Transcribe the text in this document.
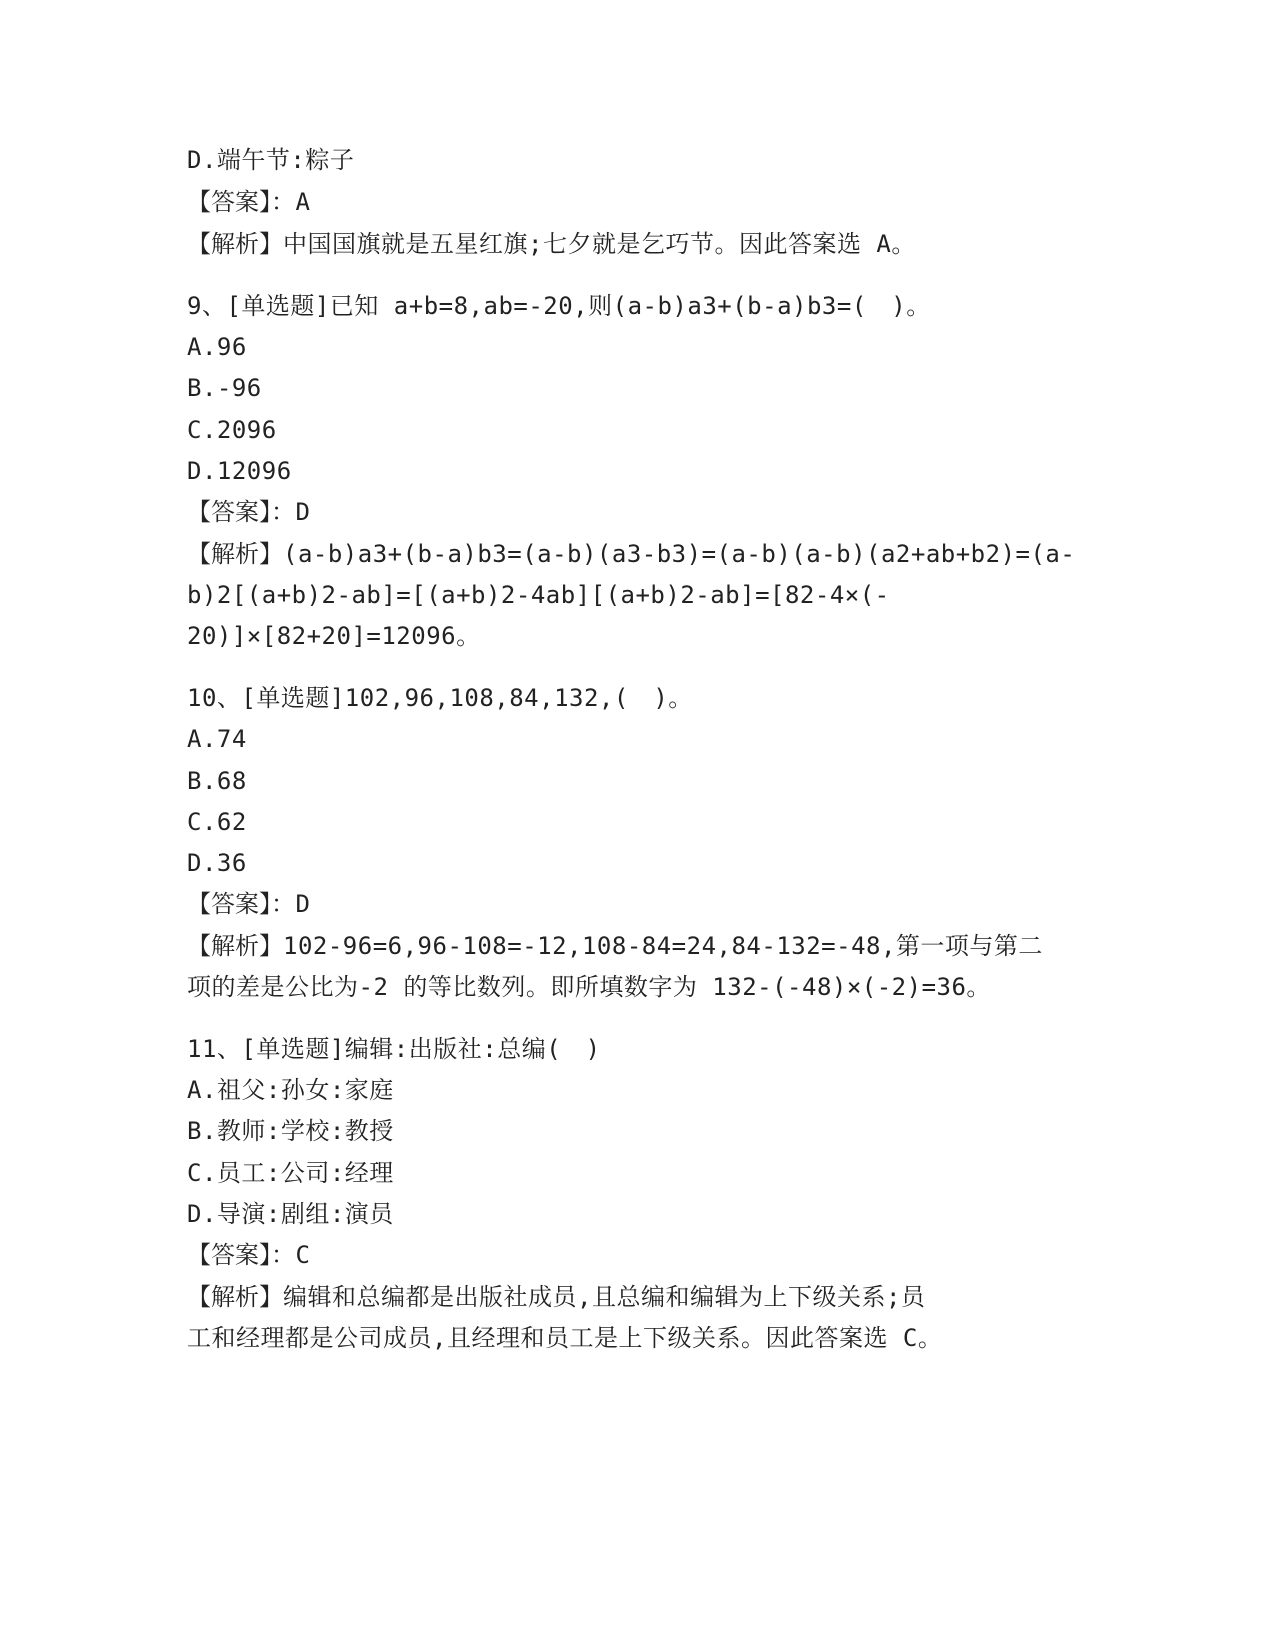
D.端午节:粽子
【答案】：A
【解析】中国国旗就是五星红旗;七夕就是乞巧节。因此答案选 A。
9、[单选题]已知 a+b=8,ab=-20,则(a-b)a3+(b-a)b3=(　)。
A.96
B.-96
C.2096
D.12096
【答案】：D
【解析】(a-b)a3+(b-a)b3=(a-b)(a3-b3)=(a-b)(a-b)(a2+ab+b2)=(a-
b)2[(a+b)2-ab]=[(a+b)2-4ab][(a+b)2-ab]=[82-4×(-
20)]×[82+20]=12096。
10、[单选题]102,96,108,84,132,(　)。
A.74
B.68
C.62
D.36
【答案】：D
【解析】102-96=6,96-108=-12,108-84=24,84-132=-48,第一项与第二
项的差是公比为-2 的等比数列。即所填数字为 132-(-48)×(-2)=36。
11、[单选题]编辑:出版社:总编(　)
A.祖父:孙女:家庭
B.教师:学校:教授
C.员工:公司:经理
D.导演:剧组:演员
【答案】：C
【解析】编辑和总编都是出版社成员,且总编和编辑为上下级关系;员
工和经理都是公司成员,且经理和员工是上下级关系。因此答案选 C。
